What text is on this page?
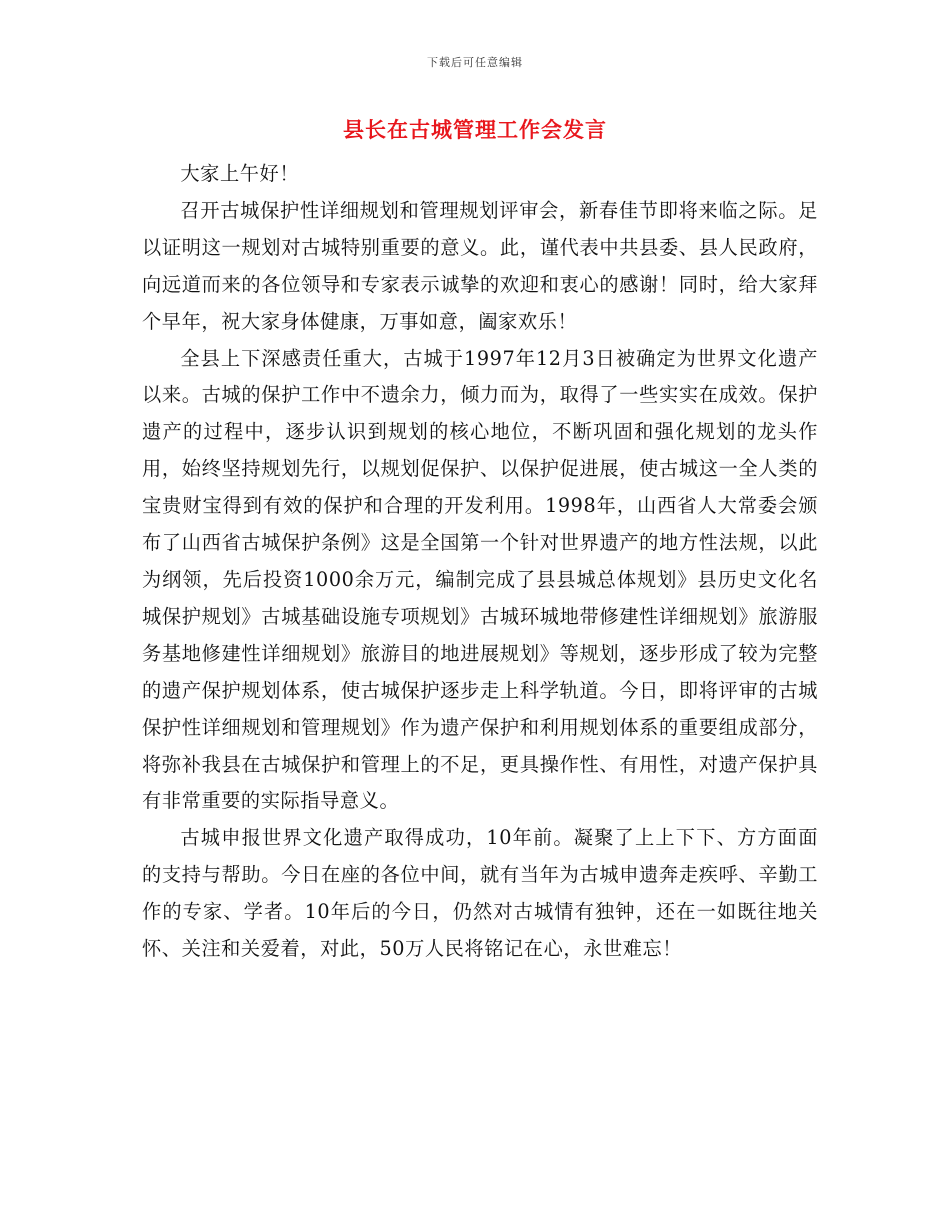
下载后可任意编辑
县长在古城管理工作会发言

大家上午好！

召开古城保护性详细规划和管理规划评审会，新春佳节即将来临之际。足以证明这一规划对古城特别重要的意义。此，谨代表中共县委、县人民政府，向远道而来的各位领导和专家表示诚挚的欢迎和衷心的感谢！同时，给大家拜个早年，祝大家身体健康，万事如意，阖家欢乐！

全县上下深感责任重大，古城于1997年12月3日被确定为世界文化遗产以来。古城的保护工作中不遗余力，倾力而为，取得了一些实实在成效。保护遗产的过程中，逐步认识到规划的核心地位，不断巩固和强化规划的龙头作用，始终坚持规划先行，以规划促保护、以保护促进展，使古城这一全人类的宝贵财宝得到有效的保护和合理的开发利用。1998年，山西省人大常委会颁布了山西省古城保护条例》这是全国第一个针对世界遗产的地方性法规，以此为纲领，先后投资1000余万元，编制完成了县县城总体规划》县历史文化名城保护规划》古城基础设施专项规划》古城环城地带修建性详细规划》旅游服务基地修建性详细规划》旅游目的地进展规划》等规划，逐步形成了较为完整的遗产保护规划体系，使古城保护逐步走上科学轨道。今日，即将评审的古城保护性详细规划和管理规划》作为遗产保护和利用规划体系的重要组成部分，将弥补我县在古城保护和管理上的不足，更具操作性、有用性，对遗产保护具有非常重要的实际指导意义。

古城申报世界文化遗产取得成功，10年前。凝聚了上上下下、方方面面的支持与帮助。今日在座的各位中间，就有当年为古城申遗奔走疾呼、辛勤工作的专家、学者。10年后的今日，仍然对古城情有独钟，还在一如既往地关怀、关注和关爱着，对此，50万人民将铭记在心，永世难忘！
